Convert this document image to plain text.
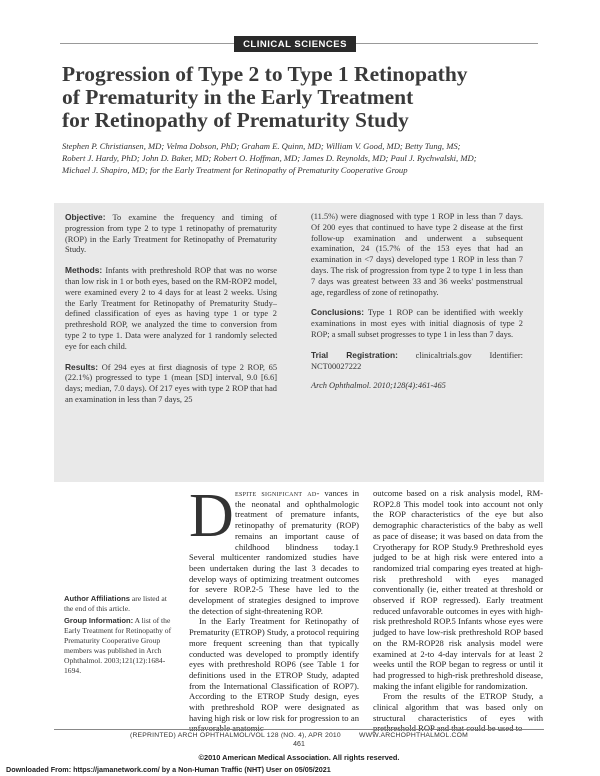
CLINICAL SCIENCES
Progression of Type 2 to Type 1 Retinopathy
of Prematurity in the Early Treatment
for Retinopathy of Prematurity Study
Stephen P. Christiansen, MD; Velma Dobson, PhD; Graham E. Quinn, MD; William V. Good, MD; Betty Tung, MS;
Robert J. Hardy, PhD; John D. Baker, MD; Robert O. Hoffman, MD; James D. Reynolds, MD; Paul J. Rychwalski, MD;
Michael J. Shapiro, MD; for the Early Treatment for Retinopathy of Prematurity Cooperative Group

Objective: To examine the frequency and timing of progression from type 2 to type 1 retinopathy of prematurity (ROP) in the Early Treatment for Retinopathy of Prematurity Study.

Methods: Infants with prethreshold ROP that was no worse than low risk in 1 or both eyes, based on the RM-ROP2 model, were examined every 2 to 4 days for at least 2 weeks. Using the Early Treatment for Retinopathy of Prematurity Study–defined classification of eyes as having type 1 or type 2 prethreshold ROP, we analyzed the time to conversion from type 2 to type 1. Data were analyzed for 1 randomly selected eye for each child.

Results: Of 294 eyes at first diagnosis of type 2 ROP, 65 (22.1%) progressed to type 1 (mean [SD] interval, 9.0 [6.6] days; median, 7.0 days). Of 217 eyes with type 2 ROP that had an examination in less than 7 days, 25

(11.5%) were diagnosed with type 1 ROP in less than 7 days. Of 200 eyes that continued to have type 2 disease at the first follow-up examination and underwent a subsequent examination, 24 (15.7% of the 153 eyes that had an examination in <7 days) developed type 1 ROP in less than 7 days. The risk of progression from type 2 to type 1 in less than 7 days was greatest between 33 and 36 weeks' postmenstrual age, regardless of zone of retinopathy.

Conclusions: Type 1 ROP can be identified with weekly examinations in most eyes with initial diagnosis of type 2 ROP; a small subset progresses to type 1 in less than 7 days.

Trial Registration: clinicaltrials.gov Identifier: NCT00027222

Arch Ophthalmol. 2010;128(4):461-465

Author Affiliations are listed at the end of this article.

Group Information: A list of the Early Treatment for Retinopathy of Prematurity Cooperative Group members was published in Arch Ophthalmol. 2003;121(12):1684-1694.

D espite significant ad- vances in the neonatal and ophthalmologic treatment of premature infants, retinopathy of prematurity (ROP) remains an important cause of childhood blindness today.1 Several multicenter randomized studies have been undertaken during the last 3 decades to develop ways of optimizing treatment outcomes for severe ROP.2-5 These have led to the development of strategies designed to improve the detection of sight-threatening ROP.

In the Early Treatment for Retinopathy of Prematurity (ETROP) Study, a protocol requiring more frequent screening than that typically conducted was developed to promptly identify eyes with prethreshold ROP6 (see Table 1 for definitions used in the ETROP Study, adapted from the International Classification of ROP7). According to the ETROP Study design, eyes with prethreshold ROP were designated as having high risk or low risk for progression to an

outcome based on a risk analysis model, RM-ROP2.8 This model took into account not only the ROP characteristics of the eye but also demographic characteristics of the baby as well as pace of disease; it was based on data from the Cryotherapy for ROP Study.9 Prethreshold eyes judged to be at high risk were entered into a randomized trial comparing eyes treated at high-risk prethreshold with eyes managed conventionally (ie, either treated at threshold or observed if ROP regressed). Early treatment reduced unfavorable outcomes in eyes with high-risk prethreshold ROP.5 Infants whose eyes were judged to have low-risk prethreshold ROP based on the RM-ROP28 risk analysis model were examined at 2-to 4-day intervals for at least 2 weeks until the ROP began to regress or until it had progressed to high-risk prethreshold disease, making the infant eligible for randomization.

From the results of the ETROP Study, a clinical algorithm that was based only on structural characteristics of eyes with

(REPRINTED) ARCH OPHTHALMOL/VOL 128 (NO. 4), APR 2010	WWW.ARCHOPHTHALMOL.COM
461
©2010 American Medical Association. All rights reserved.
Downloaded From: https://jamanetwork.com/ by a Non-Human Traffic (NHT) User on 05/05/2021
